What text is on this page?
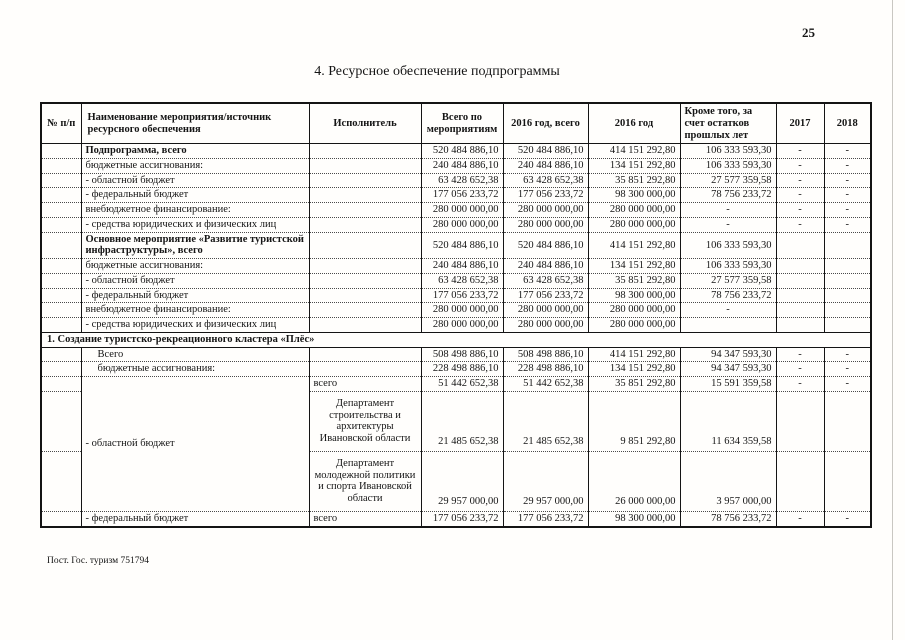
25
4. Ресурсное обеспечение подпрограммы
№ п/п	Наименование мероприятия/источник ресурсного обеспечения	Исполнитель	Всего по мероприятиям	2016 год, всего	2016 год	Кроме того, за счет остатков прошлых лет	2017	2018
	Подпрограмма, всего		520 484 886,10	520 484 886,10	414 151 292,80	106 333 593,30	-	-
	бюджетные ассигнования:		240 484 886,10	240 484 886,10	134 151 292,80	106 333 593,30	-	-
	- областной бюджет		63 428 652,38	63 428 652,38	35 851 292,80	27 577 359,58	-	-
	- федеральный бюджет		177 056 233,72	177 056 233,72	98 300 000,00	78 756 233,72	-	-
	внебюджетное финансирование:		280 000 000,00	280 000 000,00	280 000 000,00	-	-	-
	- средства юридических и физических лиц		280 000 000,00	280 000 000,00	280 000 000,00	-	-	-
	Основное мероприятие «Развитие туристской инфраструктуры», всего		520 484 886,10	520 484 886,10	414 151 292,80	106 333 593,30		
	бюджетные ассигнования:		240 484 886,10	240 484 886,10	134 151 292,80	106 333 593,30		
	- областной бюджет		63 428 652,38	63 428 652,38	35 851 292,80	27 577 359,58		
	- федеральный бюджет		177 056 233,72	177 056 233,72	98 300 000,00	78 756 233,72		
	внебюджетное финансирование:		280 000 000,00	280 000 000,00	280 000 000,00	-		
	- средства юридических и физических лиц		280 000 000,00	280 000 000,00	280 000 000,00			
1. Создание туристско-рекреационного кластера «Плёс»								
	Всего		508 498 886,10	508 498 886,10	414 151 292,80	94 347 593,30	-	-
	бюджетные ассигнования:		228 498 886,10	228 498 886,10	134 151 292,80	94 347 593,30	-	-
	- областной бюджет	всего	51 442 652,38	51 442 652,38	35 851 292,80	15 591 359,58	-	-
		Департамент строительства и архитектуры Ивановской области	21 485 652,38	21 485 652,38	9 851 292,80	11 634 359,58		
		Департамент молодежной политики и спорта Ивановской области	29 957 000,00	29 957 000,00	26 000 000,00	3 957 000,00		
	- федеральный бюджет	всего	177 056 233,72	177 056 233,72	98 300 000,00	78 756 233,72	-	-
Пост. Гос. туризм 751794
